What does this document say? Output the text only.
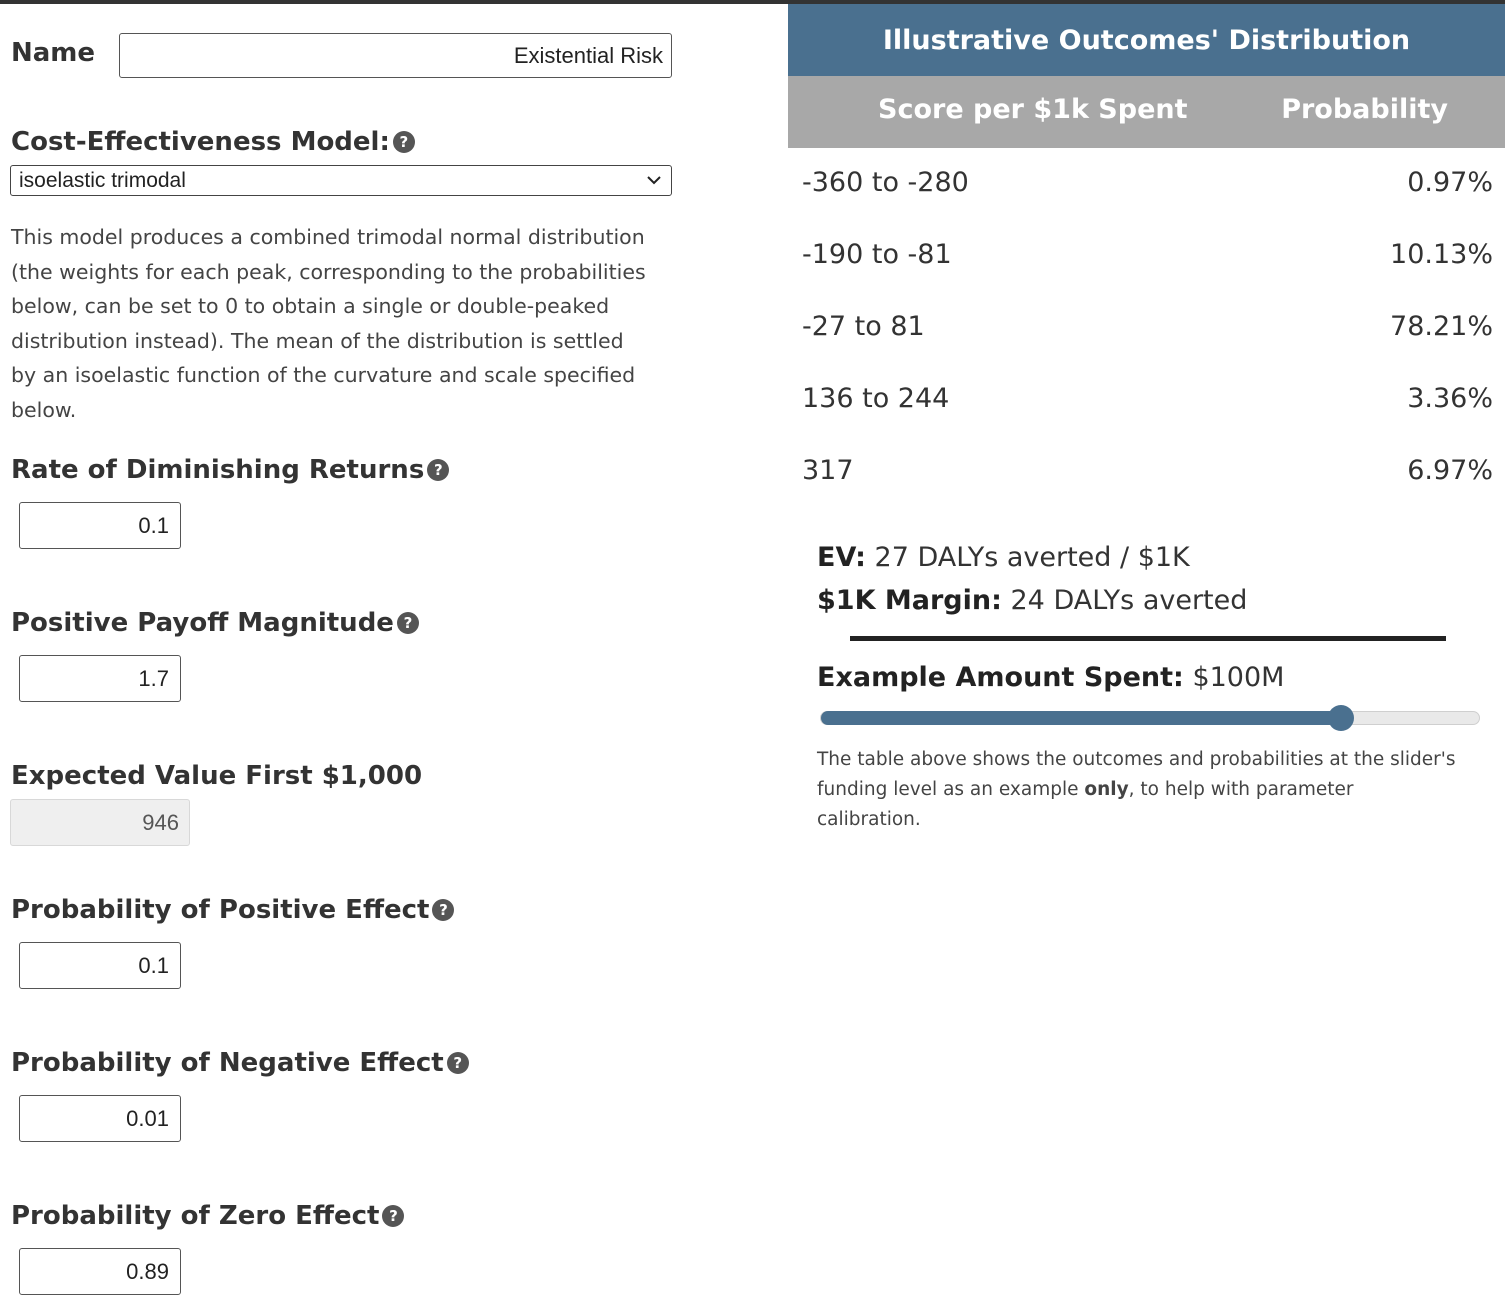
Name	Existential Risk
Cost-Effectiveness Model: ?
isoelastic trimodal
This model produces a combined trimodal normal distribution (the weights for each peak, corresponding to the probabilities below, can be set to 0 to obtain a single or double-peaked distribution instead). The mean of the distribution is settled by an isoelastic function of the curvature and scale specified below.
Rate of Diminishing Returns ?
0.1
Positive Payoff Magnitude ?
1.7
Expected Value First $1,000
946
Probability of Positive Effect ?
0.1
Probability of Negative Effect ?
0.01
Probability of Zero Effect ?
0.89
Illustrative Outcomes' Distribution
Score per $1k Spent	Probability
-360 to -280	0.97%
-190 to -81	10.13%
-27 to 81	78.21%
136 to 244	3.36%
317	6.97%
EV: 27 DALYs averted / $1K
$1K Margin: 24 DALYs averted
Example Amount Spent: $100M
The table above shows the outcomes and probabilities at the slider's funding level as an example only, to help with parameter calibration.
